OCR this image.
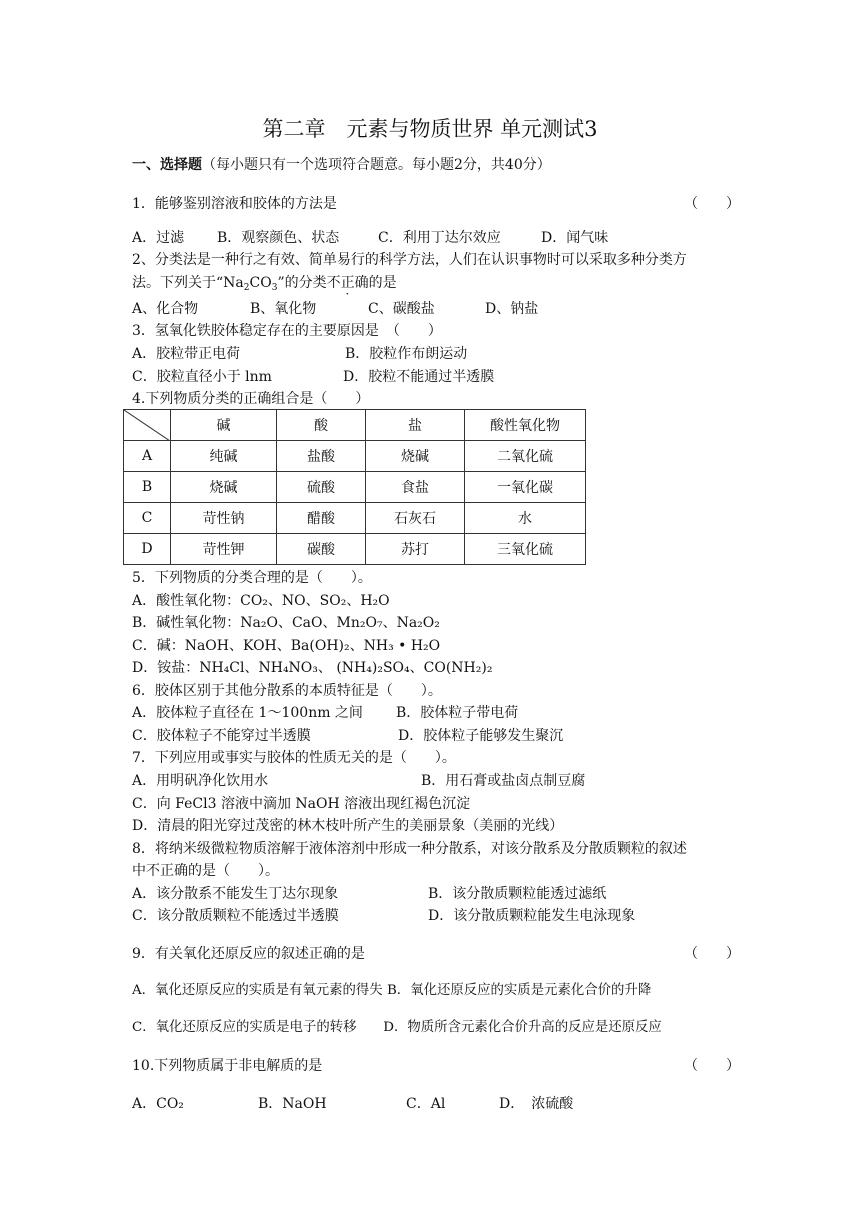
第二章　元素与物质世界 单元测试3
一、选择题（每小题只有一个选项符合题意。每小题2分，共40分）
1．能够鉴别溶液和胶体的方法是	（　　）
A．过滤 B．观察颜色、状态	C．利用丁达尔效应	D．闻气味
2、分类法是一种行之有效、简单易行的科学方法，人们在认识事物时可以采取多种分类方
法。下列关于“$Na_2CO_3$”的分类不正确的是
A、化合物	B、氧化物	C、碳酸盐	D、钠盐
3．氢氧化铁胶体稳定存在的主要原因是　（　　）
A．胶粒带正电荷	B．胶粒作布朗运动
C．胶粒直径小于 lnm	D．胶粒不能通过半透膜
4.下列物质分类的正确组合是（　　）
	碱	酸	盐	酸性氧化物
A	纯碱	盐酸	烧碱	二氧化硫
B	烧碱	硫酸	食盐	一氧化碳
C	苛性钠	醋酸	石灰石	水
D	苛性钾	碳酸	苏打	三氧化硫
5．下列物质的分类合理的是（　　）。
A．酸性氧化物：CO₂、NO、SO₂、H₂O
B．碱性氧化物：Na₂O、CaO、Mn₂O₇、Na₂O₂
C．碱：NaOH、KOH、Ba(OH)₂、NH₃ • H₂O
D．铵盐：NH₄Cl、NH₄NO₃、 (NH₄)₂SO₄、CO(NH₂)₂
6．胶体区别于其他分散系的本质特征是（　　）。
A．胶体粒子直径在 1～100nm 之间 B．胶体粒子带电荷
C．胶体粒子不能穿过半透膜	D．胶体粒子能够发生聚沉
7．下列应用或事实与胶体的性质无关的是（　　）。
A．用明矾净化饮用水	B．用石膏或盐卤点制豆腐
C．向 FeCl3 溶液中滴加 NaOH 溶液出现红褐色沉淀
D．清晨的阳光穿过茂密的林木枝叶所产生的美丽景象（美丽的光线）
8．将纳米级微粒物质溶解于液体溶剂中形成一种分散系，对该分散系及分散质颗粒的叙述
中不正确的是（　　）。
A．该分散系不能发生丁达尔现象	B．该分散质颗粒能透过滤纸
C．该分散质颗粒不能透过半透膜	D．该分散质颗粒能发生电泳现象
9．有关氧化还原反应的叙述正确的是	（　　）
A．氧化还原反应的实质是有氧元素的得失 B．氧化还原反应的实质是元素化合价的升降
C．氧化还原反应的实质是电子的转移　　D．物质所含元素化合价升高的反应是还原反应
10.下列物质属于非电解质的是	（　　）
A．CO₂	B．NaOH	C．Al	D．　浓硫酸
